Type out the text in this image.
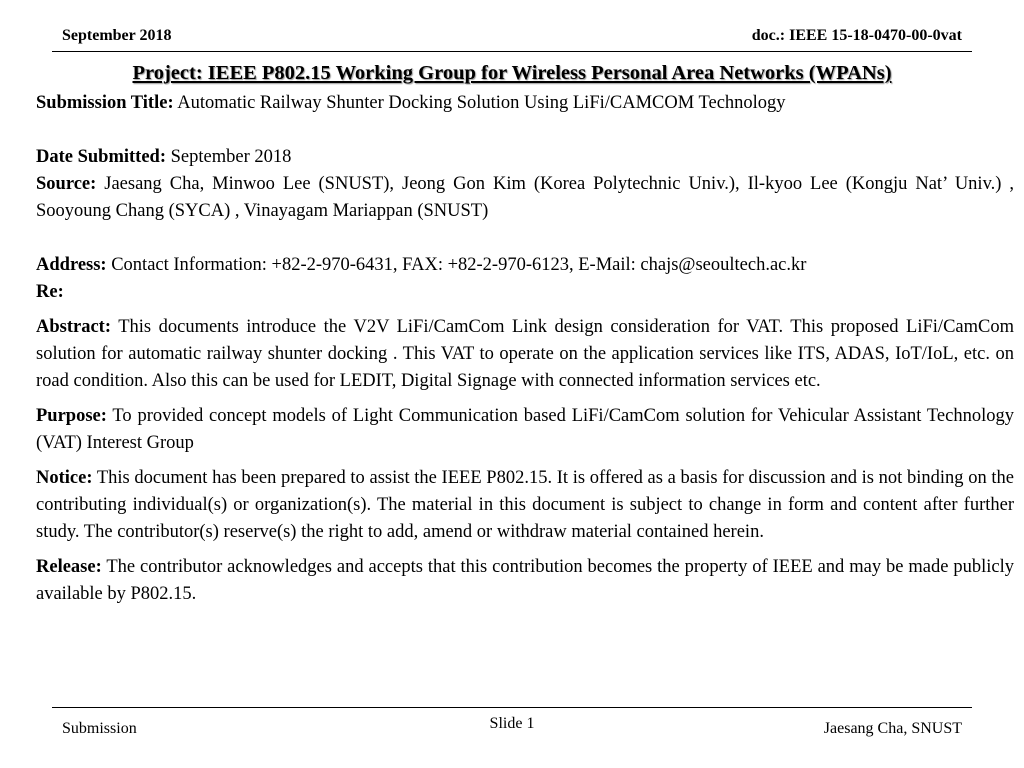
September 2018	doc.: IEEE 15-18-0470-00-0vat
Project: IEEE P802.15 Working Group for Wireless Personal Area Networks (WPANs)

Submission Title: Automatic Railway Shunter Docking Solution Using LiFi/CAMCOM Technology

Date Submitted: September 2018

Source: Jaesang Cha, Minwoo Lee (SNUST), Jeong Gon Kim (Korea Polytechnic Univ.), Il-kyoo Lee (Kongju Nat’ Univ.) , Sooyoung Chang (SYCA) , Vinayagam Mariappan (SNUST)

Address: Contact Information: +82-2-970-6431, FAX: +82-2-970-6123, E-Mail: chajs@seoultech.ac.kr

Re:

Abstract: This documents introduce the V2V LiFi/CamCom Link design consideration for VAT. This proposed LiFi/CamCom solution for automatic railway shunter docking . This VAT to operate on the application services like ITS, ADAS, IoT/IoL, etc. on road condition. Also this can be used for LEDIT, Digital Signage with connected information services etc.

Purpose: To provided concept models of Light Communication based LiFi/CamCom solution for Vehicular Assistant Technology (VAT) Interest Group

Notice: This document has been prepared to assist the IEEE P802.15. It is offered as a basis for discussion and is not binding on the contributing individual(s) or organization(s). The material in this document is subject to change in form and content after further study. The contributor(s) reserve(s) the right to add, amend or withdraw material contained herein.

Release: The contributor acknowledges and accepts that this contribution becomes the property of IEEE and may be made publicly available by P802.15.

Submission	Slide 1	Jaesang Cha, SNUST
